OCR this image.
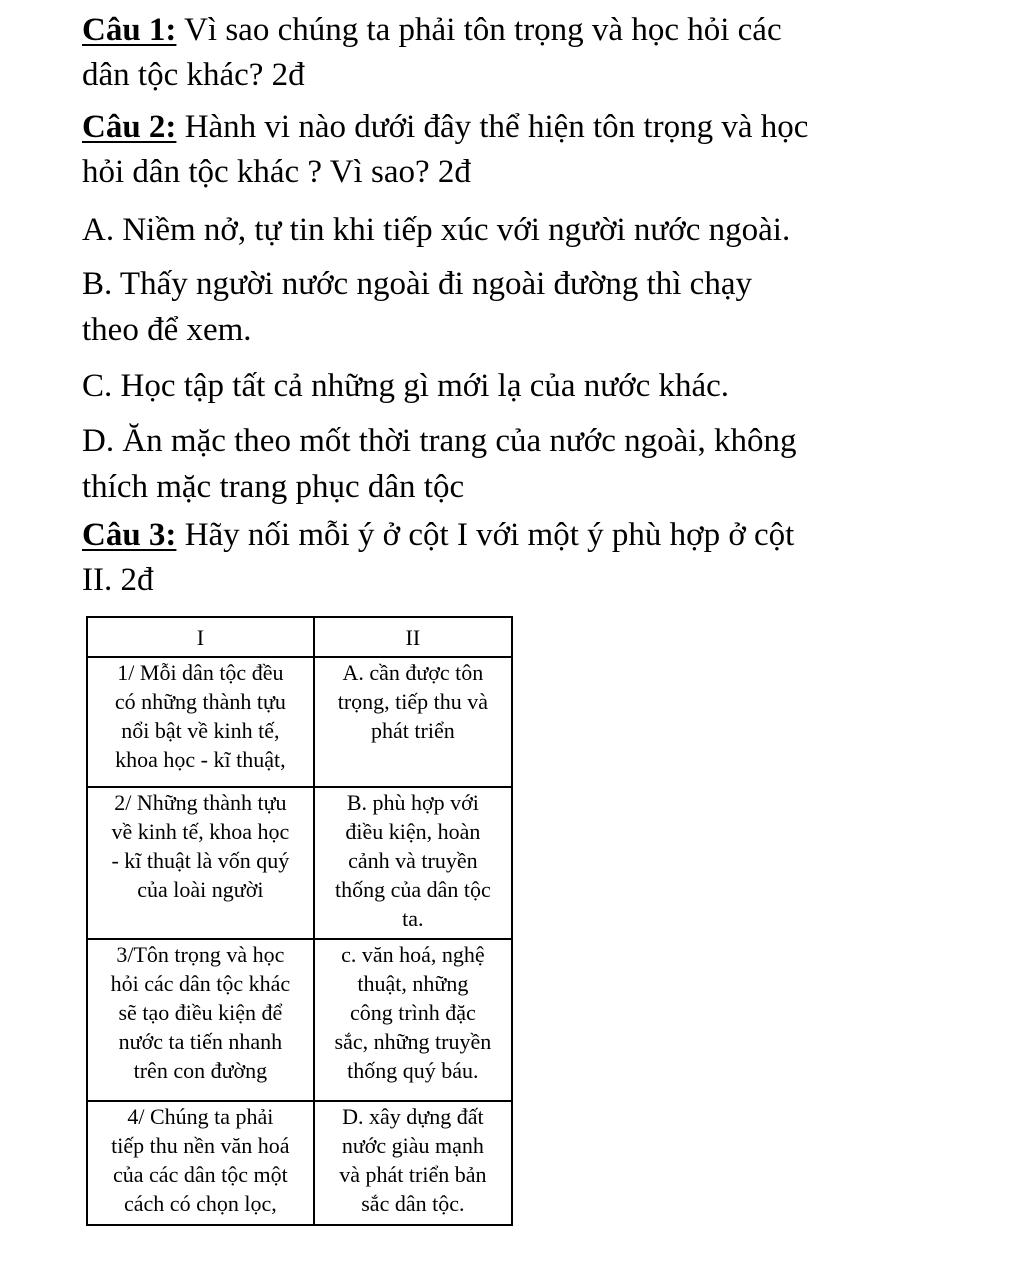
Câu 1: Vì sao chúng ta phải tôn trọng và học hỏi các
dân tộc khác? 2đ
Câu 2: Hành vi nào dưới đây thể hiện tôn trọng và học
hỏi dân tộc khác ? Vì sao? 2đ
A. Niềm nở, tự tin khi tiếp xúc với người nước ngoài.
B. Thấy người nước ngoài đi ngoài đường thì chạy
theo để xem.
C. Học tập tất cả những gì mới lạ của nước khác.
D. Ăn mặc theo mốt thời trang của nước ngoài, không
thích mặc trang phục dân tộc
Câu 3: Hãy nối mỗi ý ở cột I với một ý phù hợp ở cột
II. 2đ
I	II

1/ Mỗi dân tộc đều
có những thành tựu
nổi bật về kinh tế,
khoa học - kĩ thuật,	A. cần được tôn
trọng, tiếp thu và
phát triển

2/ Những thành tựu
về kinh tế, khoa học
- kĩ thuật là vốn quý
của loài người	B. phù hợp với
điều kiện, hoàn
cảnh và truyền
thống của dân tộc
ta.

3/Tôn trọng và học
hỏi các dân tộc khác
sẽ tạo điều kiện để
nước ta tiến nhanh
trên con đường	c. văn hoá, nghệ
thuật, những
công trình đặc
sắc, những truyền
thống quý báu.

4/ Chúng ta phải
tiếp thu nền văn hoá
của các dân tộc một
cách có chọn lọc,	D. xây dựng đất
nước giàu mạnh
và phát triển bản
sắc dân tộc.
